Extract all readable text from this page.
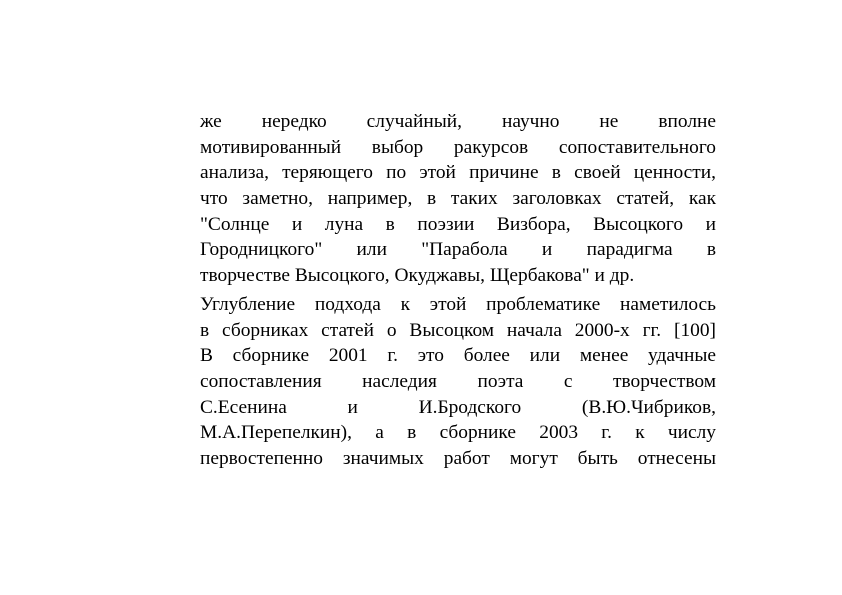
же нередко случайный, научно не вполне
мотивированный выбор ракурсов сопоставительного
анализа, теряющего по этой причине в своей ценности,
что заметно, например, в таких заголовках статей, как
"Солнце и луна в поэзии Визбора, Высоцкого и
Городницкого" или "Парабола и парадигма в
творчестве Высоцкого, Окуджавы, Щербакова" и др.

Углубление подхода к этой проблематике наметилось
в сборниках статей о Высоцком начала 2000-х гг. [100]
В сборнике 2001 г. это более или менее удачные
сопоставления наследия поэта с творчеством
С.Есенина и И.Бродского (В.Ю.Чибриков,
М.А.Перепелкин), а в сборнике 2003 г. к числу
первостепенно значимых работ могут быть отнесены
